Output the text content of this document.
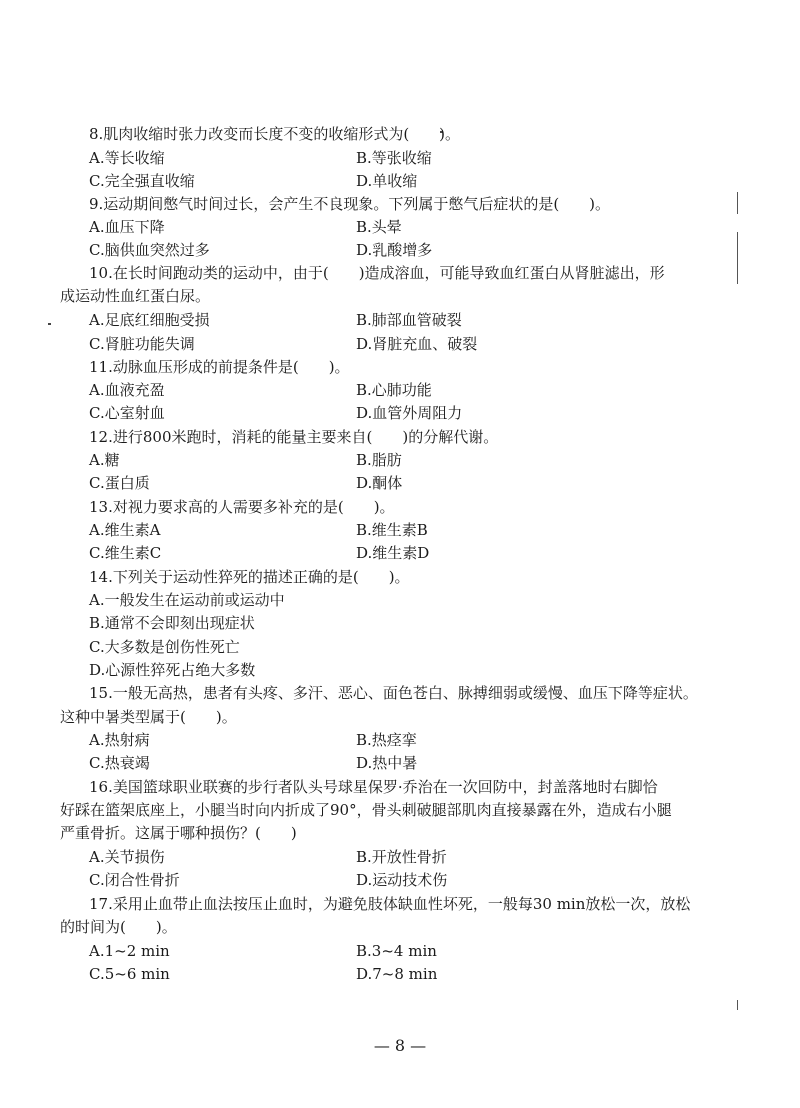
8.肌肉收缩时张力改变而长度不变的收缩形式为(　　)。
A.等长收缩	B.等张收缩
C.完全强直收缩	D.单收缩
9.运动期间憋气时间过长，会产生不良现象。下列属于憋气后症状的是(　　)。
A.血压下降	B.头晕
C.脑供血突然过多	D.乳酸增多
10.在长时间跑动类的运动中，由于(　　)造成溶血，可能导致血红蛋白从肾脏滤出，形
成运动性血红蛋白尿。
A.足底红细胞受损	B.肺部血管破裂
C.肾脏功能失调	D.肾脏充血、破裂
11.动脉血压形成的前提条件是(　　)。
A.血液充盈	B.心肺功能
C.心室射血	D.血管外周阻力
12.进行800米跑时，消耗的能量主要来自(　　)的分解代谢。
A.糖	B.脂肪
C.蛋白质	D.酮体
13.对视力要求高的人需要多补充的是(　　)。
A.维生素A	B.维生素B
C.维生素C	D.维生素D
14.下列关于运动性猝死的描述正确的是(　　)。
A.一般发生在运动前或运动中
B.通常不会即刻出现症状
C.大多数是创伤性死亡
D.心源性猝死占绝大多数
15.一般无高热，患者有头疼、多汗、恶心、面色苍白、脉搏细弱或缓慢、血压下降等症状。
这种中暑类型属于(　　)。
A.热射病	B.热痉挛
C.热衰竭	D.热中暑
16.美国篮球职业联赛的步行者队头号球星保罗·乔治在一次回防中，封盖落地时右脚恰
好踩在篮架底座上，小腿当时向内折成了90°，骨头刺破腿部肌肉直接暴露在外，造成右小腿
严重骨折。这属于哪种损伤？(　　)
A.关节损伤	B.开放性骨折
C.闭合性骨折	D.运动技术伤
17.采用止血带止血法按压止血时，为避免肢体缺血性坏死，一般每30 min放松一次，放松
的时间为(　　)。
A.1~2 min	B.3~4 min
C.5~6 min	D.7~8 min
— 8 —
